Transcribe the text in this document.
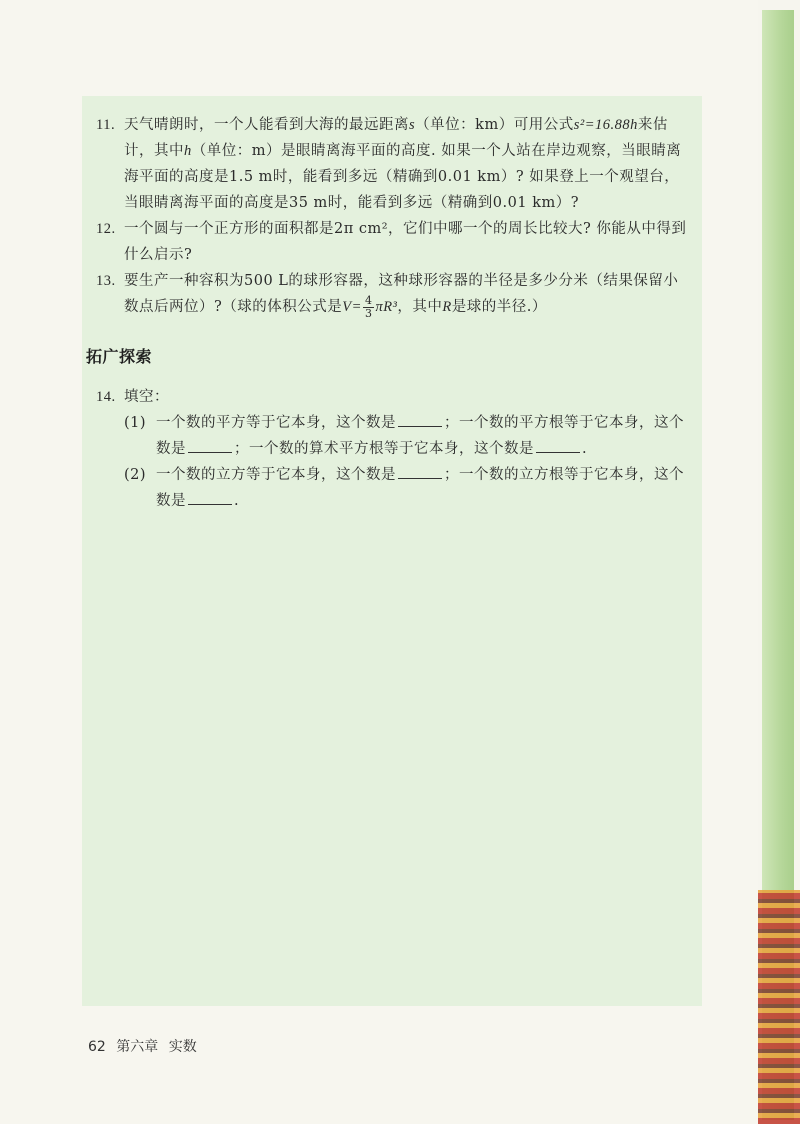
11. 天气晴朗时，一个人能看到大海的最远距离s（单位：km）可用公式s²=16.88h来估计，其中h（单位：m）是眼睛离海平面的高度. 如果一个人站在岸边观察，当眼睛离海平面的高度是1.5 m时，能看到多远（精确到0.01 km）? 如果登上一个观望台，当眼睛离海平面的高度是35 m时，能看到多远（精确到0.01 km）?
12. 一个圆与一个正方形的面积都是2π cm²，它们中哪一个的周长比较大? 你能从中得到什么启示?
13. 要生产一种容积为500 L的球形容器，这种球形容器的半径是多少分米（结果保留小数点后两位）?（球的体积公式是$V= \frac{4}{3} \pi R^3$，其中R是球的半径.）
拓广探索
14. 填空：
(1) 一个数的平方等于它本身，这个数是	；一个数的平方根等于它本身，这个数是	；一个数的算术平方根等于它本身，这个数是	.
(2) 一个数的立方等于它本身，这个数是	；一个数的立方根等于它本身，这个数是	.
62 第六章 实数
